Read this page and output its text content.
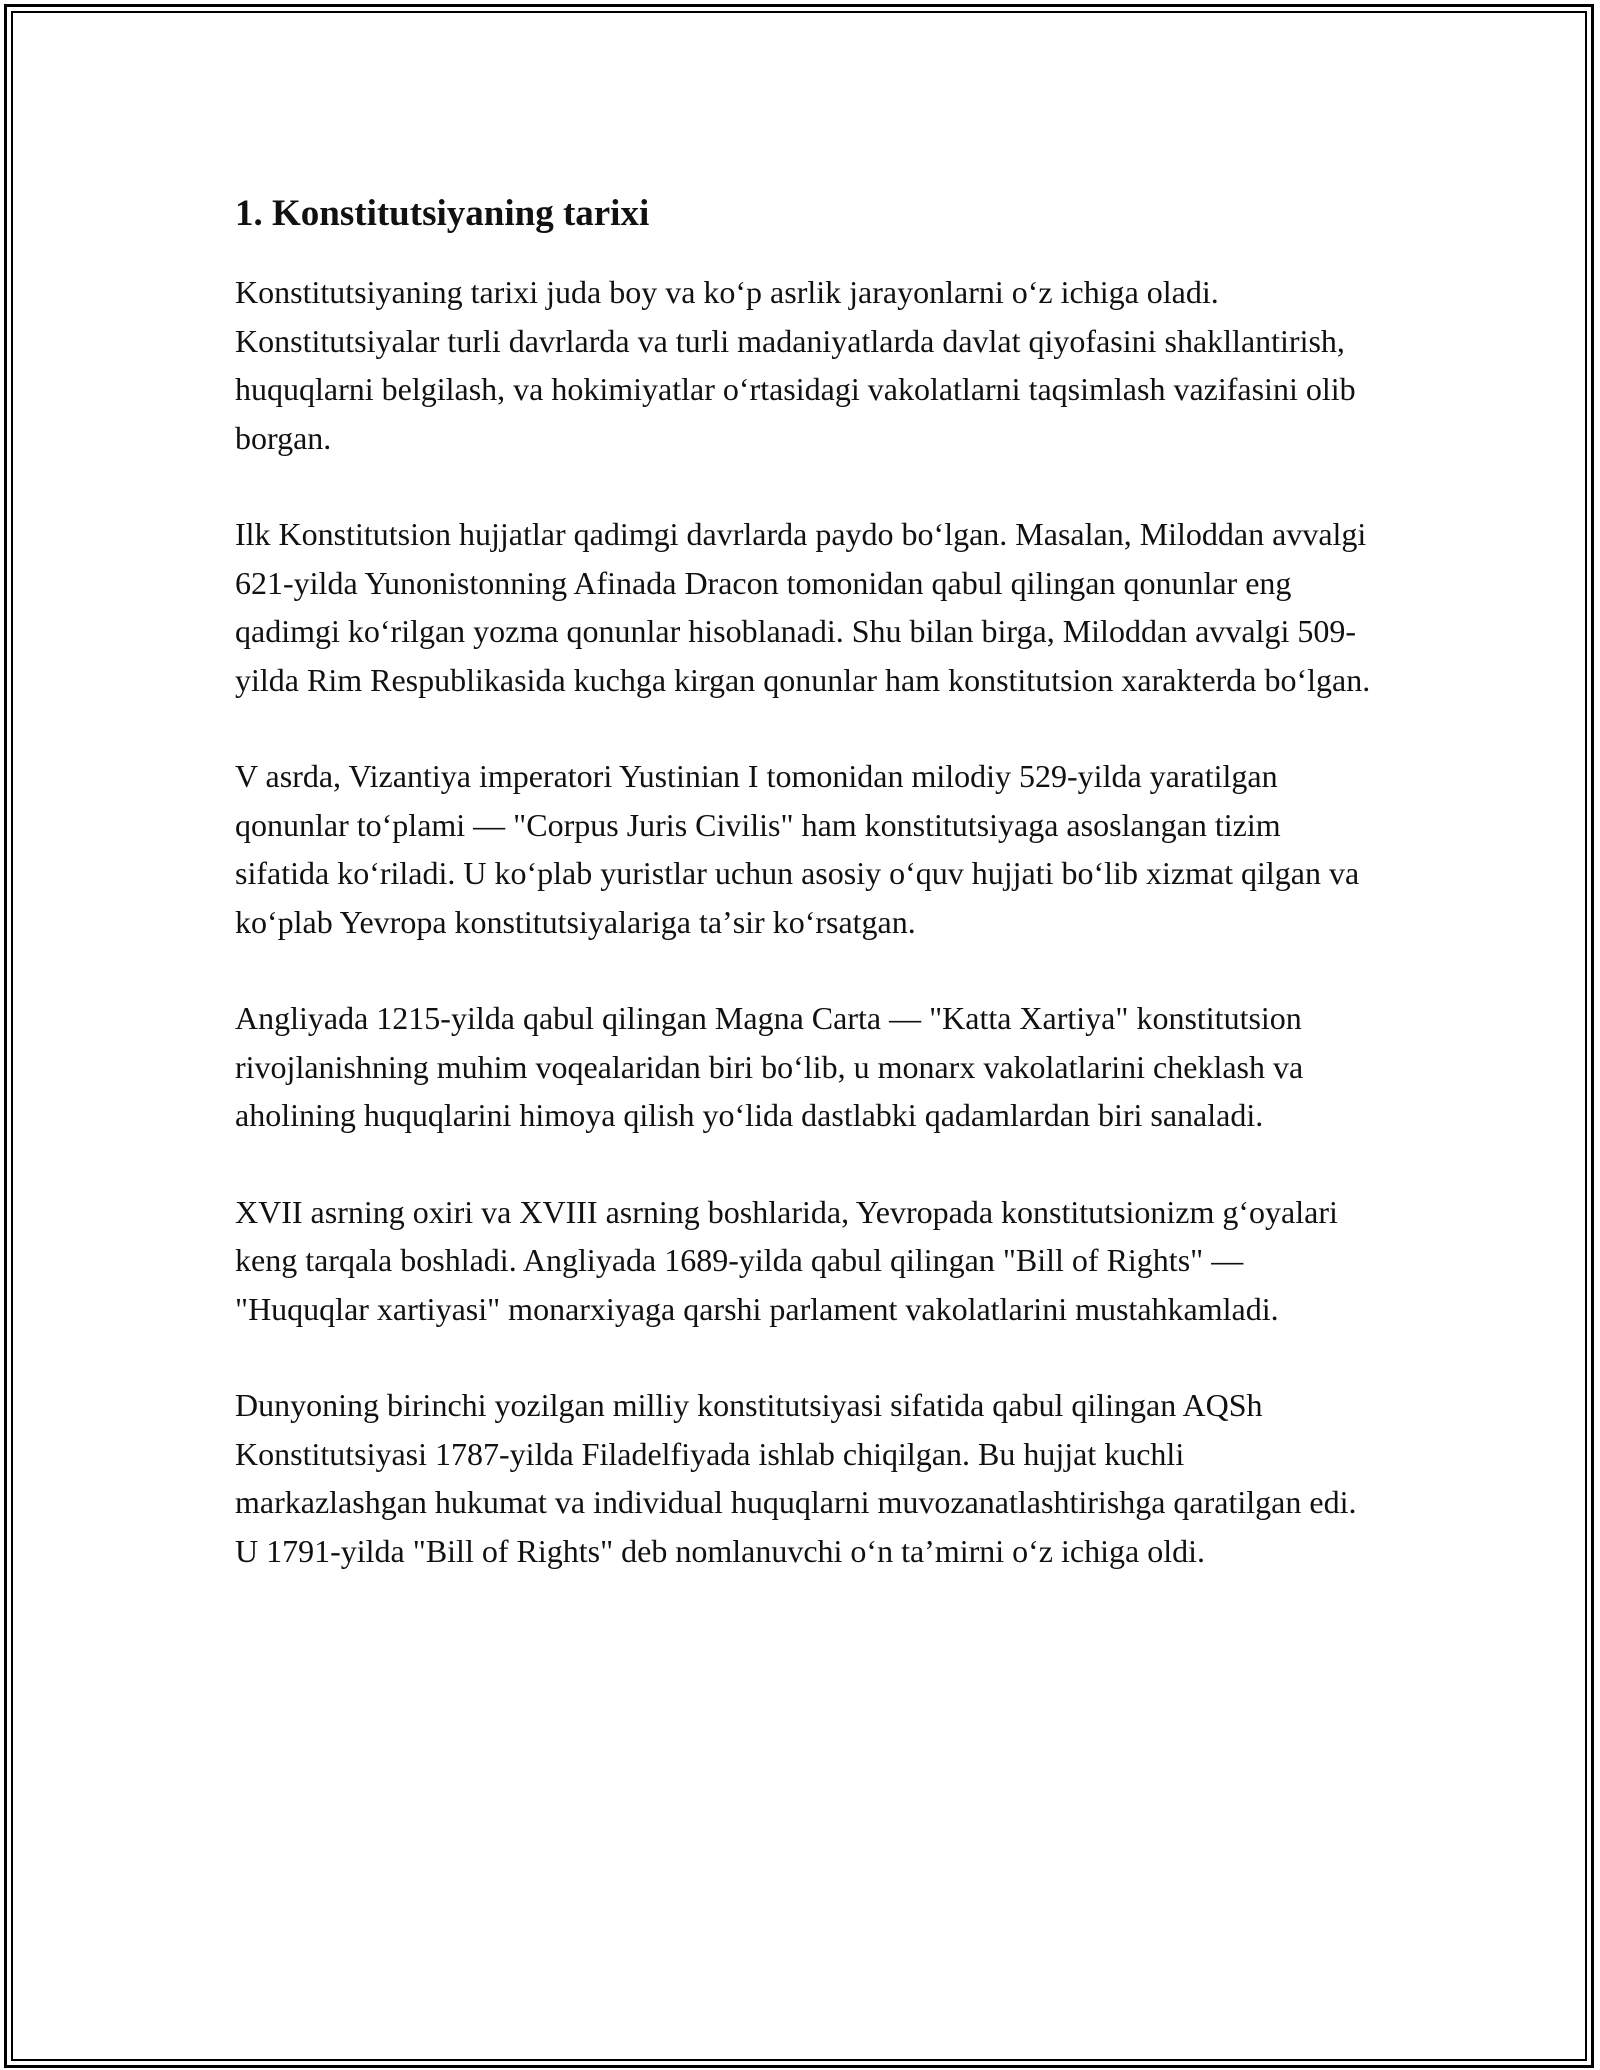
1. Konstitutsiyaning tarixi

Konstitutsiyaning tarixi juda boy va koʻp asrlik jarayonlarni oʻz ichiga oladi. Konstitutsiyalar turli davrlarda va turli madaniyatlarda davlat qiyofasini shakllantirish, huquqlarni belgilash, va hokimiyatlar oʻrtasidagi vakolatlarni taqsimlash vazifasini olib borgan.

Ilk Konstitutsion hujjatlar qadimgi davrlarda paydo boʻlgan. Masalan, Miloddan avvalgi 621-yilda Yunonistonning Afinada Dracon tomonidan qabul qilingan qonunlar eng qadimgi koʻrilgan yozma qonunlar hisoblanadi. Shu bilan birga, Miloddan avvalgi 509-yilda Rim Respublikasida kuchga kirgan qonunlar ham konstitutsion xarakterda boʻlgan.

V asrda, Vizantiya imperatori Yustinian I tomonidan milodiy 529-yilda yaratilgan qonunlar toʻplami — "Corpus Juris Civilis" ham konstitutsiyaga asoslangan tizim sifatida koʻriladi. U koʻplab yuristlar uchun asosiy oʻquv hujjati boʻlib xizmat qilgan va koʻplab Yevropa konstitutsiyalariga taʼsir koʻrsatgan.

Angliyada 1215-yilda qabul qilingan Magna Carta — "Katta Xartiya" konstitutsion rivojlanishning muhim voqealaridan biri boʻlib, u monarx vakolatlarini cheklash va aholining huquqlarini himoya qilish yoʻlida dastlabki qadamlardan biri sanaladi.

XVII asrning oxiri va XVIII asrning boshlarida, Yevropada konstitutsionizm gʻoyalari keng tarqala boshladi. Angliyada 1689-yilda qabul qilingan "Bill of Rights" — "Huquqlar xartiyasi" monarxiyaga qarshi parlament vakolatlarini mustahkamladi.

Dunyoning birinchi yozilgan milliy konstitutsiyasi sifatida qabul qilingan AQSh Konstitutsiyasi 1787-yilda Filadelfiyada ishlab chiqilgan. Bu hujjat kuchli markazlashgan hukumat va individual huquqlarni muvozanatlashtirishga qaratilgan edi. U 1791-yilda "Bill of Rights" deb nomlanuvchi oʻn taʼmirni oʻz ichiga oldi.
